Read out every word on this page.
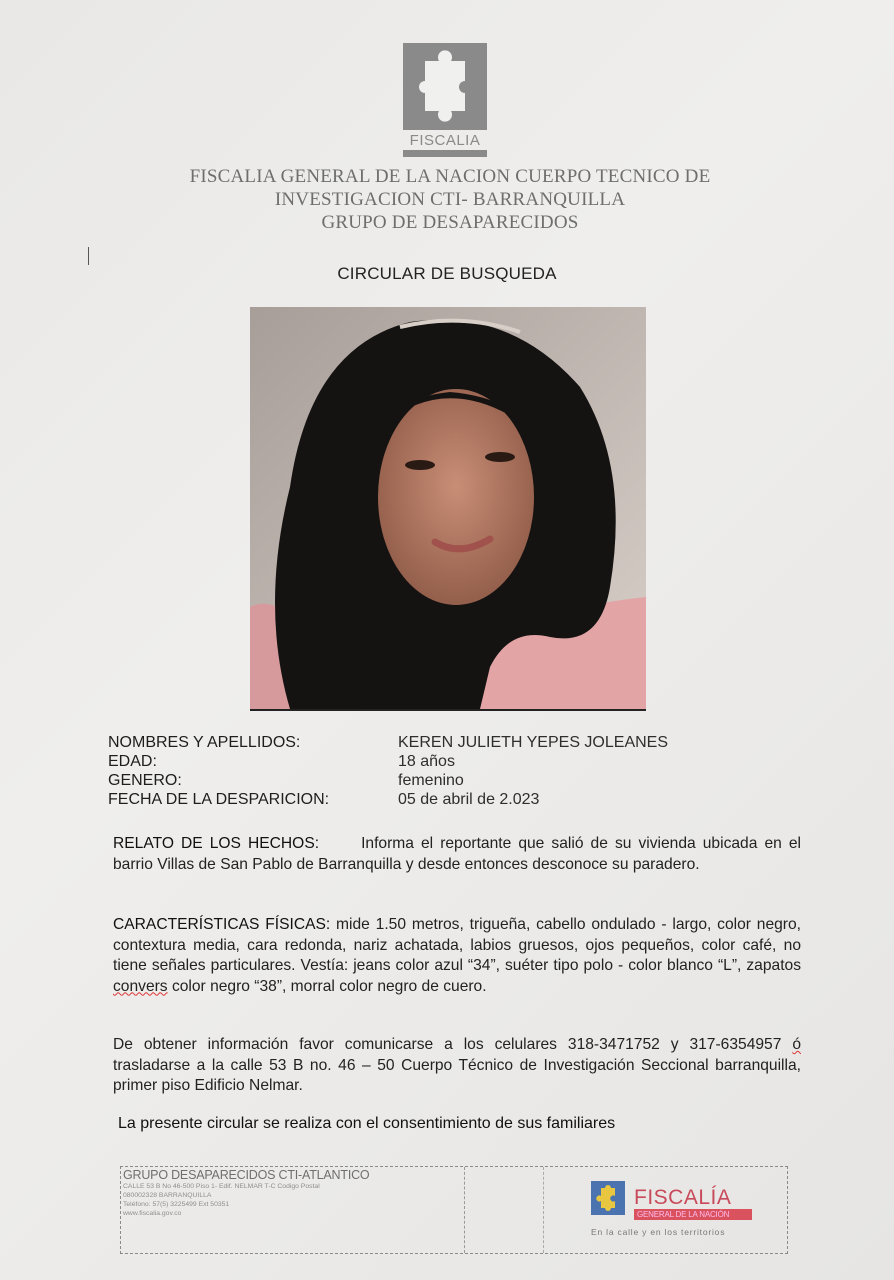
FISCALIA
FISCALIA GENERAL DE LA NACION CUERPO TECNICO DE
INVESTIGACION CTI- BARRANQUILLA
GRUPO DE DESAPARECIDOS
CIRCULAR DE BUSQUEDA
NOMBRES Y APELLIDOS:	KEREN JULIETH YEPES JOLEANES
EDAD:	18 años
GENERO:	femenino
FECHA DE LA DESPARICION:	05 de abril de 2.023
RELATO DE LOS HECHOS:	Informa el reportante que salió de su vivienda ubicada en el barrio Villas de San Pablo de Barranquilla y desde entonces desconoce su paradero.
CARACTERÍSTICAS FÍSICAS: mide 1.50 metros, trigueña, cabello ondulado - largo, color negro, contextura media, cara redonda, nariz achatada, labios gruesos, ojos pequeños, color café, no tiene señales particulares. Vestía: jeans color azul “34”, suéter tipo polo - color blanco “L”, zapatos convers color negro “38”, morral color negro de cuero.
De obtener información favor comunicarse a los celulares 318-3471752 y 317-6354957 ó trasladarse a la calle 53 B no. 46 – 50 Cuerpo Técnico de Investigación Seccional barranquilla, primer piso Edificio Nelmar.
La presente circular se realiza con el consentimiento de sus familiares
GRUPO DESAPARECIDOS CTI-ATLANTICO
CALLE 53 B No 46-500 Piso 1- Edif. NELMAR T-C Codigo Postal
080002328 BARRANQUILLA
Teléfono: 57(5) 3225499 Ext 50351
www.fiscalia.gov.co
FISCALÍA
GENERAL DE LA NACIÓN
En la calle y en los territorios
